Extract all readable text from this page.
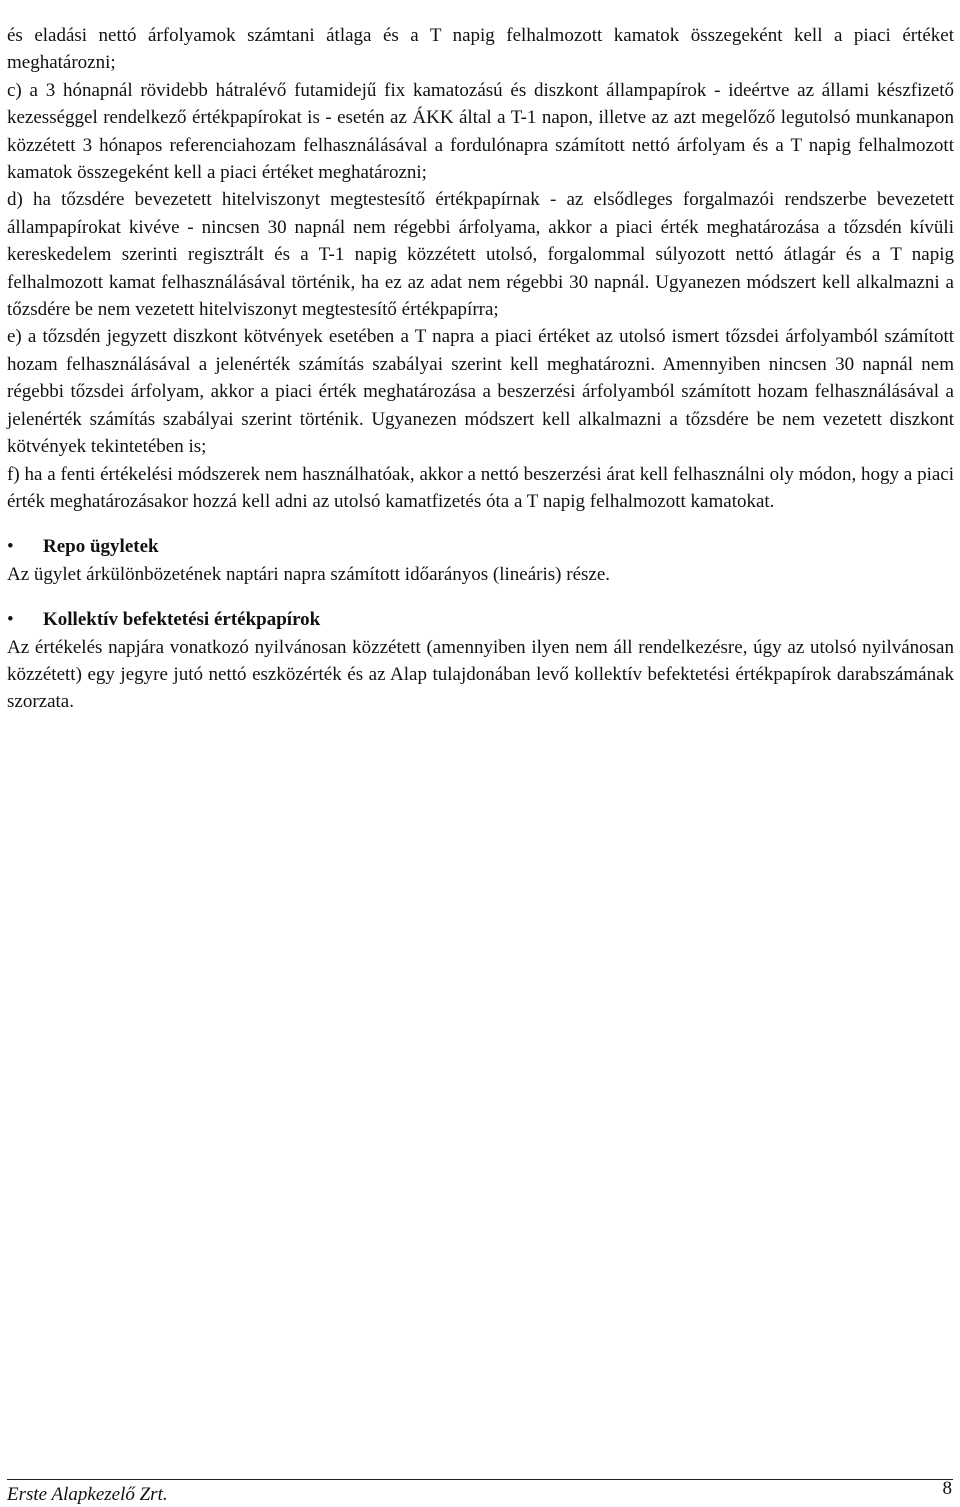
és eladási nettó árfolyamok számtani átlaga és a T napig felhalmozott kamatok összegeként kell a piaci értéket meghatározni;

c) a 3 hónapnál rövidebb hátralévő futamidejű fix kamatozású és diszkont állampapírok - ideértve az állami készfizető kezességgel rendelkező értékpapírokat is - esetén az ÁKK által a T-1 napon, illetve az azt megelőző legutolsó munkanapon közzétett 3 hónapos referenciahozam felhasználásával a fordulónapra számított nettó árfolyam és a T napig felhalmozott kamatok összegeként kell a piaci értéket meghatározni;

d) ha tőzsdére bevezetett hitelviszonyt megtestesítő értékpapírnak - az elsődleges forgalmazói rendszerbe bevezetett állampapírokat kivéve - nincsen 30 napnál nem régebbi árfolyama, akkor a piaci érték meghatározása a tőzsdén kívüli kereskedelem szerinti regisztrált és a T-1 napig közzétett utolsó, forgalommal súlyozott nettó átlagár és a T napig felhalmozott kamat felhasználásával történik, ha ez az adat nem régebbi 30 napnál. Ugyanezen módszert kell alkalmazni a tőzsdére be nem vezetett hitelviszonyt megtestesítő értékpapírra;

e) a tőzsdén jegyzett diszkont kötvények esetében a T napra a piaci értéket az utolsó ismert tőzsdei árfolyamból számított hozam felhasználásával a jelenérték számítás szabályai szerint kell meghatározni. Amennyiben nincsen 30 napnál nem régebbi tőzsdei árfolyam, akkor a piaci érték meghatározása a beszerzési árfolyamból számított hozam felhasználásával a jelenérték számítás szabályai szerint történik. Ugyanezen módszert kell alkalmazni a tőzsdére be nem vezetett diszkont kötvények tekintetében is;

f) ha a fenti értékelési módszerek nem használhatóak, akkor a nettó beszerzési árat kell felhasználni oly módon, hogy a piaci érték meghatározásakor hozzá kell adni az utolsó kamatfizetés óta a T napig felhalmozott kamatokat.

• Repo ügyletek

Az ügylet árkülönbözetének naptári napra számított időarányos (lineáris) része.

• Kollektív befektetési értékpapírok

Az értékelés napjára vonatkozó nyilvánosan közzétett (amennyiben ilyen nem áll rendelkezésre, úgy az utolsó nyilvánosan közzétett) egy jegyre jutó nettó eszközérték és az Alap tulajdonában levő kollektív befektetési értékpapírok darabszámának szorzata.

Erste Alapkezelő Zrt.	8
